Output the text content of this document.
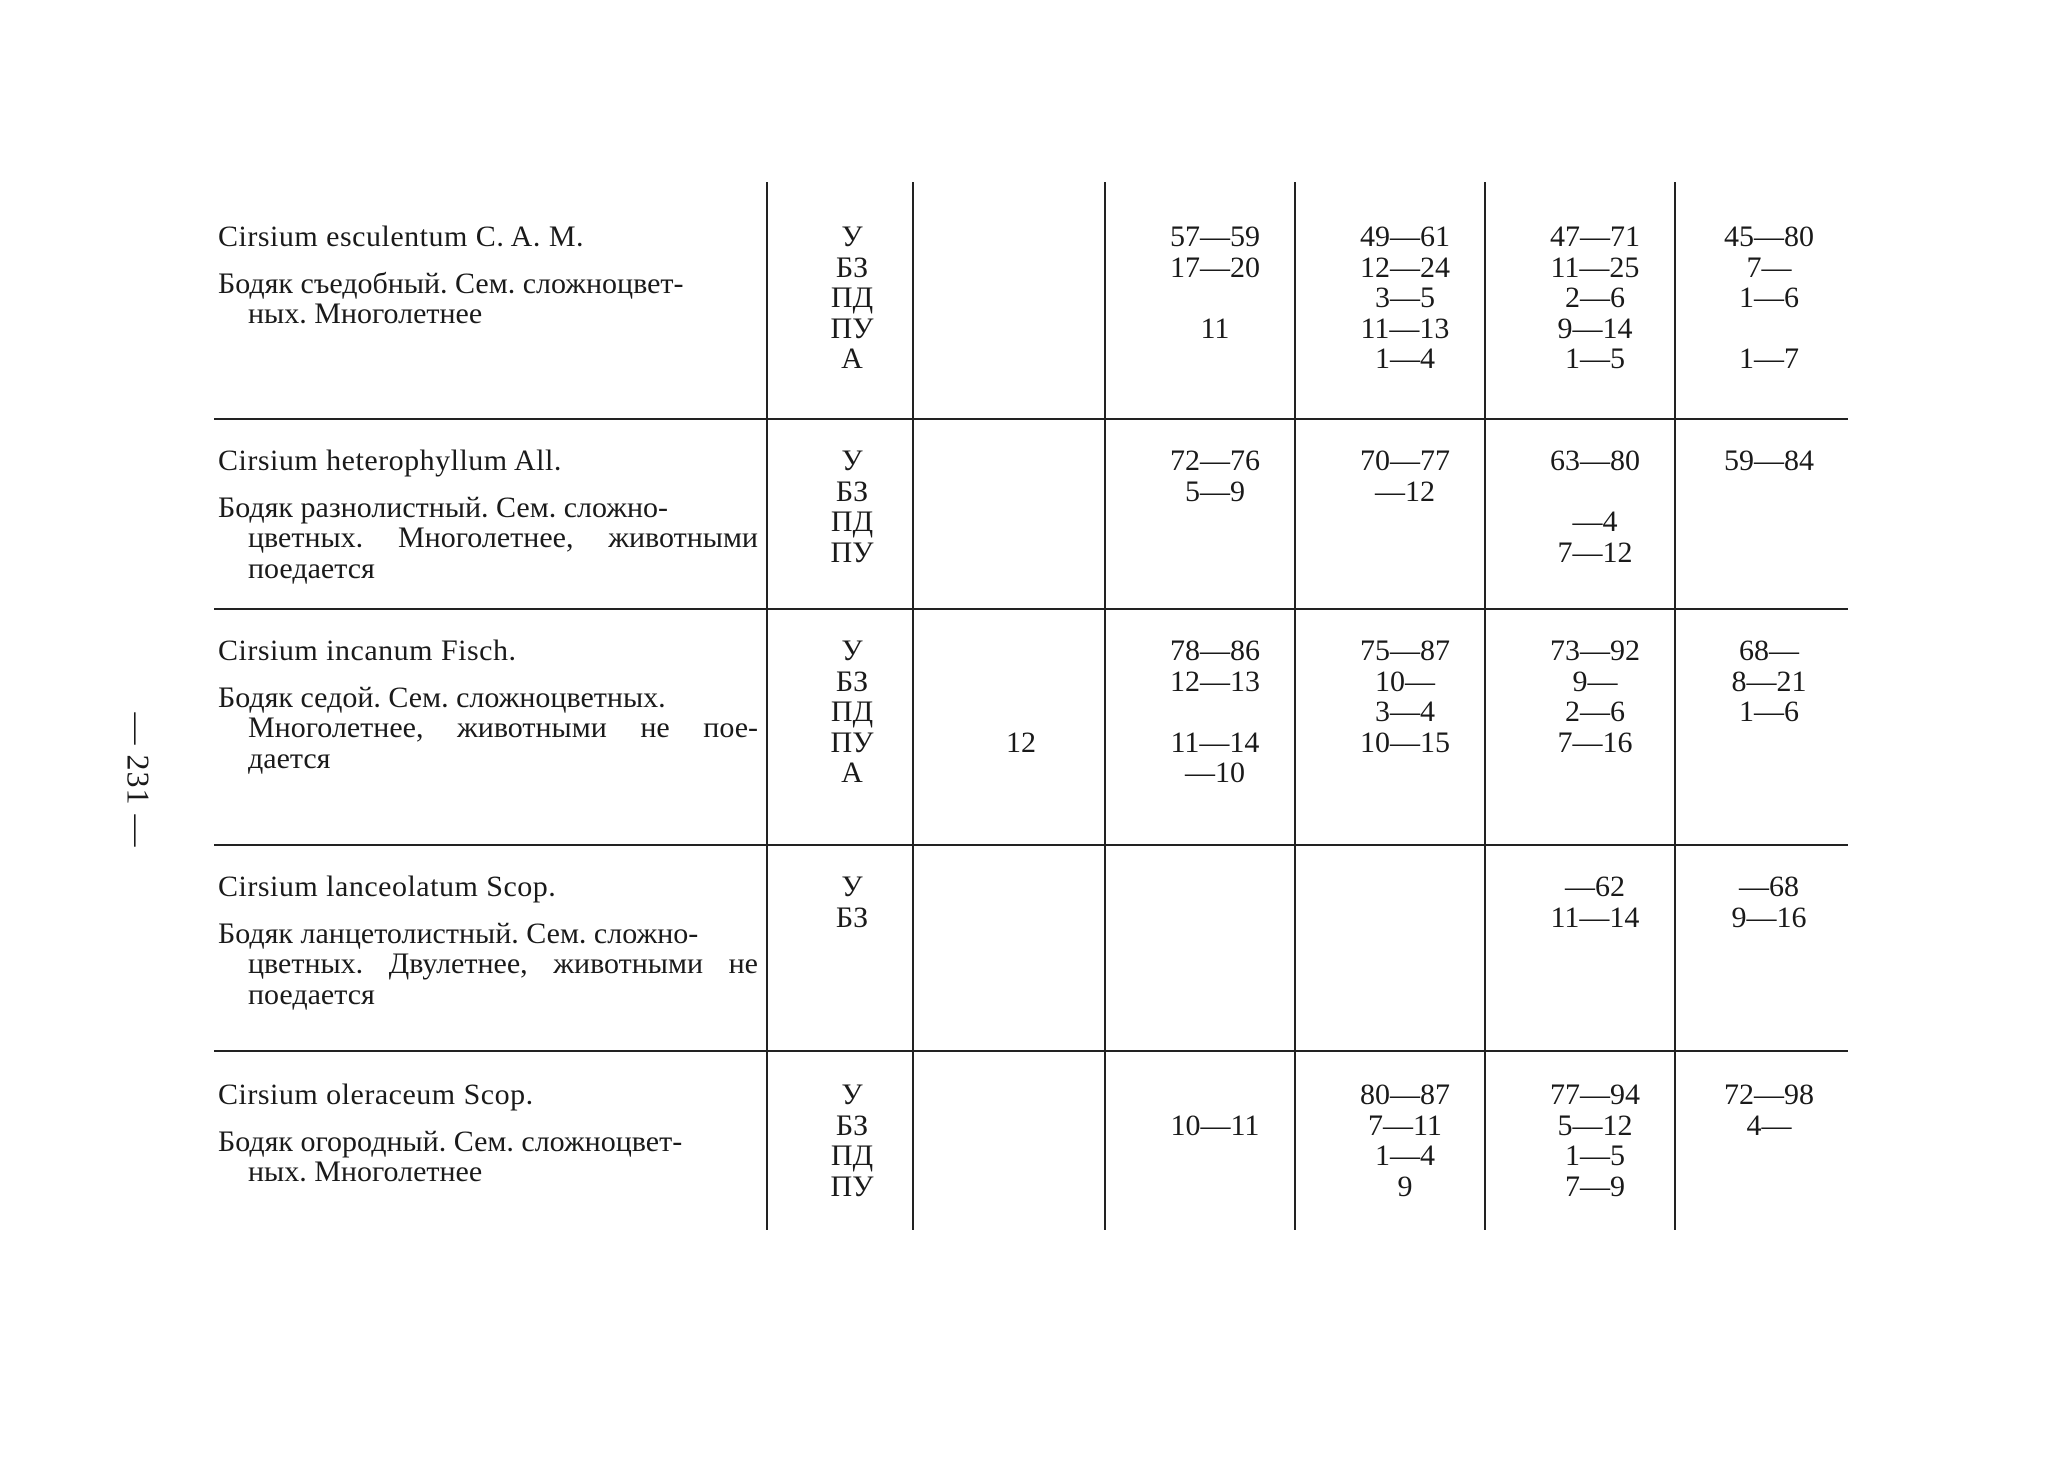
— 231 —
Cirsium esculentum C. A. M.
Бодяк съедобный. Сем. сложноцвет-
ных. Многолетнее
У
БЗ
ПД
ПУ
А
57—59
17—20
11
49—61
12—24
3—5
11—13
1—4
47—71
11—25
2—6
9—14
1—5
45—80
7—
1—6
1—7
Cirsium heterophyllum All.
Бодяк разнолистный. Сем. сложно-
цветных. Многолетнее, животными поедается
У
БЗ
ПД
ПУ
72—76
5—9
70—77
—12
63—80
—4
7—12
59—84
Cirsium incanum Fisch.
Бодяк седой. Сем. сложноцветных.
Многолетнее, животными не пое- дается
У
БЗ
ПД
ПУ
А
12
78—86
12—13
11—14
—10
75—87
10—
3—4
10—15
73—92
9—
2—6
7—16
68—
8—21
1—6
Cirsium lanceolatum Scop.
Бодяк ланцетолистный. Сем. сложно-
цветных. Двулетнее, животными не поедается
У
БЗ
—62
11—14
—68
9—16
Cirsium oleraceum Scop.
Бодяк огородный. Сем. сложноцвет-
ных. Многолетнее
У
БЗ
ПД
ПУ
10—11
80—87
7—11
1—4
9
77—94
5—12
1—5
7—9
72—98
4—
